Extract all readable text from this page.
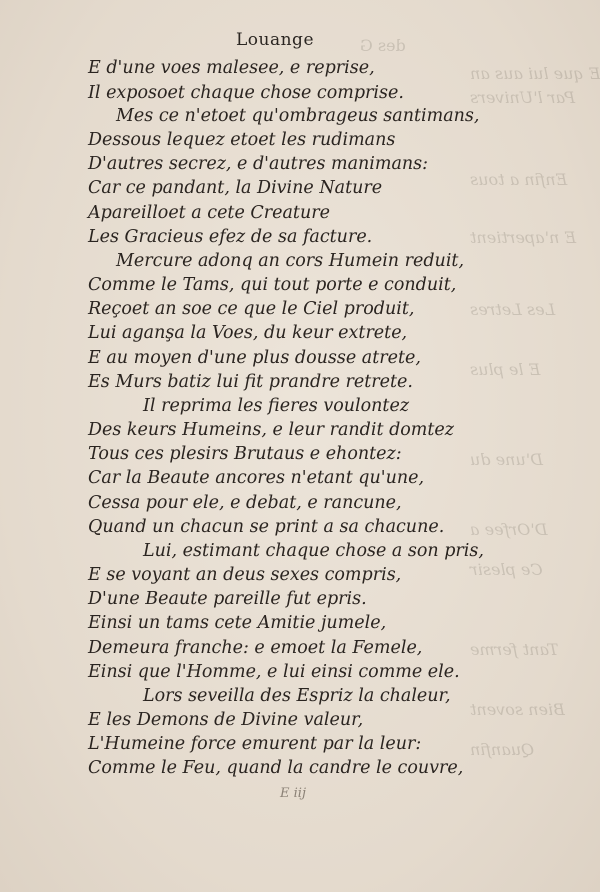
des G
E que lui aus an
Par l'Univers
Enfin a tous
E n'apertient
Les Letres
E le plus
D'une du
D'Orfee a
Ce plesir
Tant ferme
Bien sovent
Quanfin
Louange
E d'une voes malesee, e reprise,
Il exposoet chaque chose comprise.
Mes ce n'etoet qu'ombrageus santimans,
Dessous lequez etoet les rudimans
D'autres secrez, e d'autres manimans:
Car ce pandant, la Divine Nature
Apareilloet a cete Creature
Les Gracieus efez de sa facture.
Mercure adonq an cors Humein reduit,
Comme le Tams, qui tout porte e conduit,
Reçoet an soe ce que le Ciel produit,
Lui aganşa la Voes, du keur extrete,
E au moyen d'une plus dousse atrete,
Es Murs batiz lui fit prandre retrete.
Il reprima les fieres voulontez
Des keurs Humeins, e leur randit domtez
Tous ces plesirs Brutaus e ehontez:
Car la Beaute ancores n'etant qu'une,
Cessa pour ele, e debat, e rancune,
Quand un chacun se print a sa chacune.
Lui, estimant chaque chose a son pris,
E se voyant an deus sexes compris,
D'une Beaute pareille fut epris.
Einsi un tams cete Amitie jumele,
Demeura franche: e emoet la Femele,
Einsi que l'Homme, e lui einsi comme ele.
Lors seveilla des Espriz la chaleur,
E les Demons de Divine valeur,
L'Humeine force emurent par la leur:
Comme le Feu, quand la candre le couvre,
E iij
